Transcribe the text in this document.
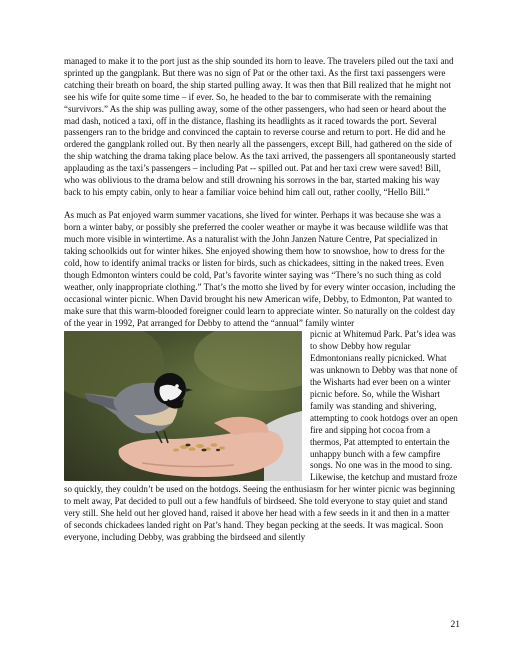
managed to make it to the port just as the ship sounded its horn to leave. The travelers piled out the taxi and sprinted up the gangplank. But there was no sign of Pat or the other taxi. As the first taxi passengers were catching their breath on board, the ship started pulling away. It was then that Bill realized that he might not see his wife for quite some time – if ever. So, he headed to the bar to commiserate with the remaining “survivors.” As the ship was pulling away, some of the other passengers, who had seen or heard about the mad dash, noticed a taxi, off in the distance, flashing its headlights as it raced towards the port. Several passengers ran to the bridge and convinced the captain to reverse course and return to port. He did and he ordered the gangplank rolled out. By then nearly all the passengers, except Bill, had gathered on the side of the ship watching the drama taking place below. As the taxi arrived, the passengers all spontaneously started applauding as the taxi’s passengers – including Pat -- spilled out. Pat and her taxi crew were saved! Bill, who was oblivious to the drama below and still drowning his sorrows in the bar, started making his way back to his empty cabin, only to hear a familiar voice behind him call out, rather coolly, “Hello Bill.”

As much as Pat enjoyed warm summer vacations, she lived for winter. Perhaps it was because she was a born a winter baby, or possibly she preferred the cooler weather or maybe it was because wildlife was that much more visible in wintertime. As a naturalist with the John Janzen Nature Centre, Pat specialized in taking schoolkids out for winter hikes. She enjoyed showing them how to snowshoe, how to dress for the cold, how to identify animal tracks or listen for birds, such as chickadees, sitting in the naked trees. Even though Edmonton winters could be cold, Pat’s favorite winter saying was “There’s no such thing as cold weather, only inappropriate clothing.” That’s the motto she lived by for every winter occasion, including the occasional winter picnic. When David brought his new American wife, Debby, to Edmonton, Pat wanted to make sure that this warm-blooded foreigner could learn to appreciate winter. So naturally on the coldest day of the year in 1992, Pat arranged for Debby to attend the “annual” family winter

picnic at Whitemud Park. Pat’s idea was to show Debby how regular Edmontonians really picnicked. What was unknown to Debby was that none of the Wisharts had ever been on a winter picnic before. So, while the Wishart family was standing and shivering, attempting to cook hotdogs over an open fire and sipping hot cocoa from a thermos, Pat attempted to entertain the unhappy bunch with a few campfire songs. No one was in the mood to sing. Likewise, the ketchup and mustard froze so quickly, they couldn’t be used on the hotdogs. Seeing the enthusiasm for her winter picnic was beginning to melt away, Pat decided to pull out a few handfuls of birdseed. She told everyone to stay quiet and stand very still. She held out her gloved hand, raised it above her head with a few seeds in it and then in a matter of seconds chickadees landed right on Pat’s hand. They began pecking at the seeds. It was magical. Soon everyone, including Debby, was grabbing the birdseed and silently

21
